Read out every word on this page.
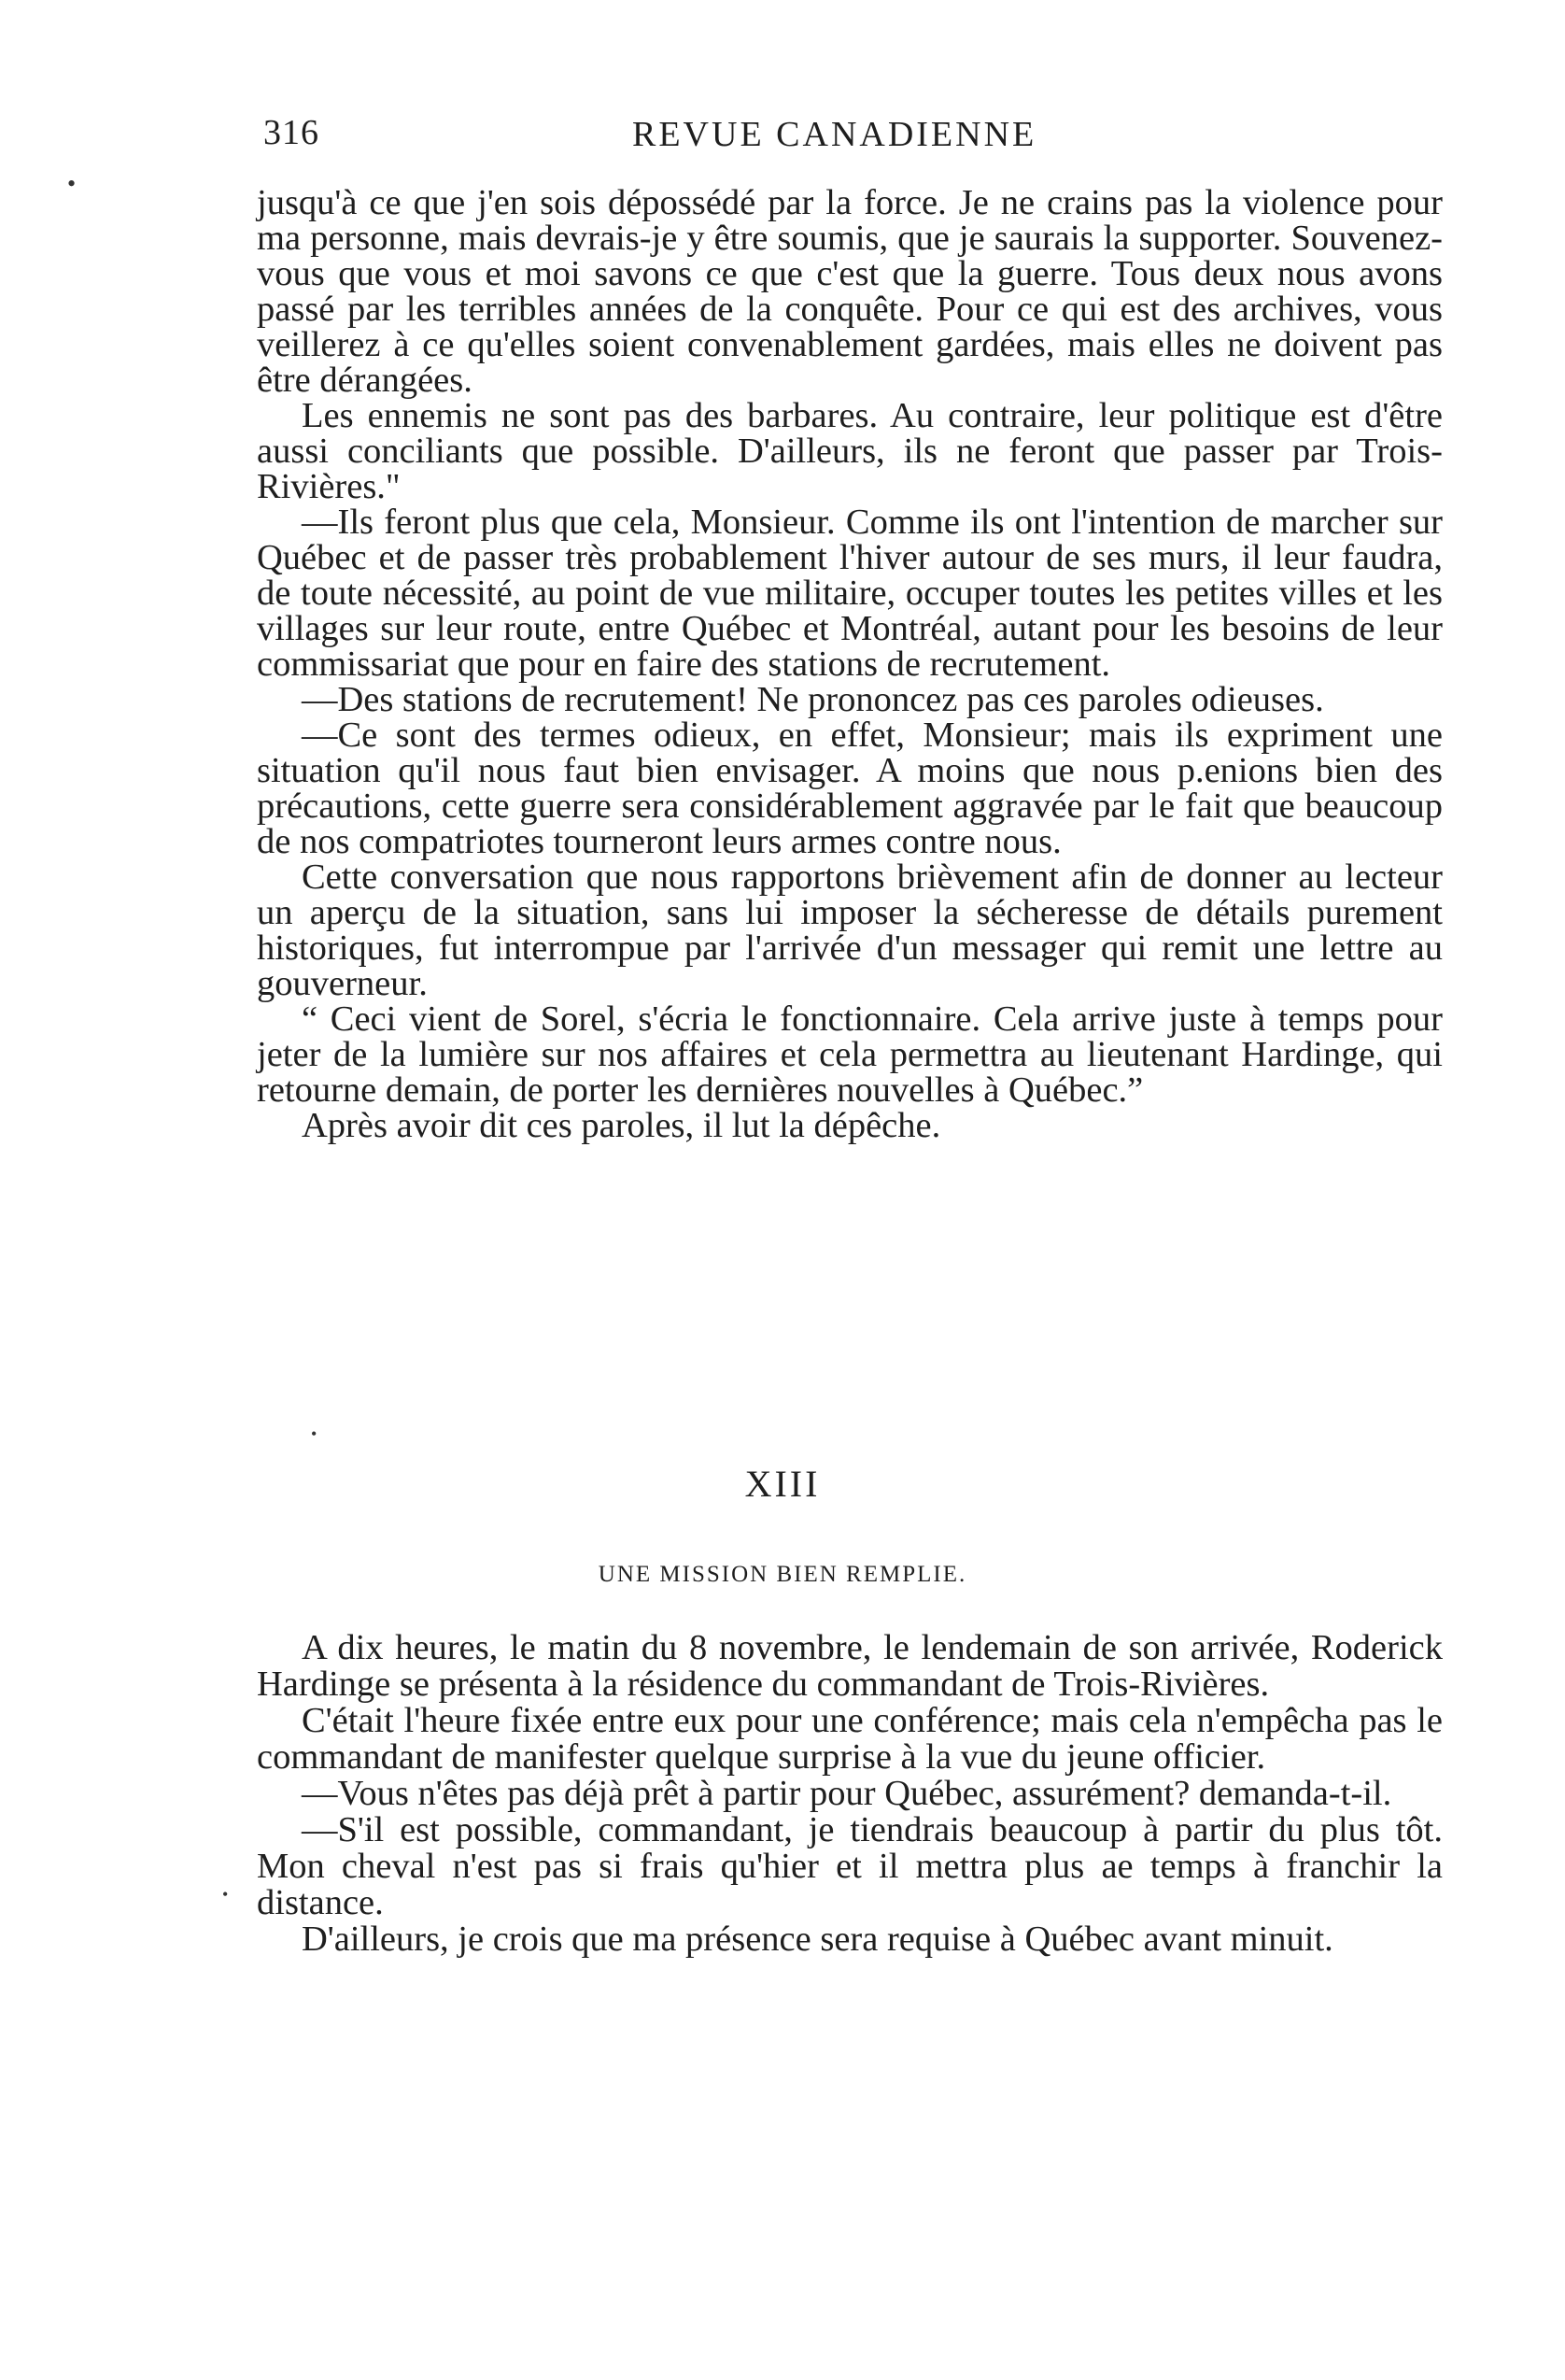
316	REVUE CANADIENNE
•	jusqu'à ce que j'en sois dépossédé par la force. Je ne crains pas la violence pour ma personne, mais devrais-je y être soumis, que je saurais la supporter. Souvenez-vous que vous et moi savons ce que c'est que la guerre. Tous deux nous avons passé par les terribles années de la conquête. Pour ce qui est des archives, vous veillerez à ce qu'elles soient convenablement gardées, mais elles ne doivent pas être dérangées.

Les ennemis ne sont pas des barbares. Au contraire, leur politique est d'être aussi conciliants que possible. D'ailleurs, ils ne feront que passer par Trois-Rivières."

—Ils feront plus que cela, Monsieur. Comme ils ont l'intention de marcher sur Québec et de passer très probablement l'hiver autour de ses murs, il leur faudra, de toute nécessité, au point de vue militaire, occuper toutes les petites villes et les villages sur leur route, entre Québec et Montréal, autant pour les besoins de leur commissariat que pour en faire des stations de recrutement.

—Des stations de recrutement! Ne prononcez pas ces paroles odieuses.

—Ce sont des termes odieux, en effet, Monsieur; mais ils expriment une situation qu'il nous faut bien envisager. A moins que nous p.enions bien des précautions, cette guerre sera considérablement aggravée par le fait que beaucoup de nos compatriotes tourneront leurs armes contre nous.

Cette conversation que nous rapportons brièvement afin de donner au lecteur un aperçu de la situation, sans lui imposer la sécheresse de détails purement historiques, fut interrompue par l'arrivée d'un messager qui remit une lettre au gouverneur.

“ Ceci vient de Sorel, s'écria le fonctionnaire. Cela arrive juste à temps pour jeter de la lumière sur nos affaires et cela permettra au lieutenant Hardinge, qui retourne demain, de porter les dernières nouvelles à Québec.”

Après avoir dit ces paroles, il lut la dépêche.

•
XIII
UNE MISSION BIEN REMPLIE.

A dix heures, le matin du 8 novembre, le lendemain de son arrivée, Roderick Hardinge se présenta à la résidence du commandant de Trois-Rivières.

C'était l'heure fixée entre eux pour une conférence; mais cela n'empêcha pas le commandant de manifester quelque surprise à la vue du jeune officier.

—Vous n'êtes pas déjà prêt à partir pour Québec, assurément? demanda-t-il.

—S'il est possible, commandant, je tiendrais beaucoup à partir du plus tôt. Mon cheval n'est pas si frais qu'hier et il mettra plus ae temps à franchir la distance.

D'ailleurs, je crois que ma présence sera requise à Québec avant minuit.

•
